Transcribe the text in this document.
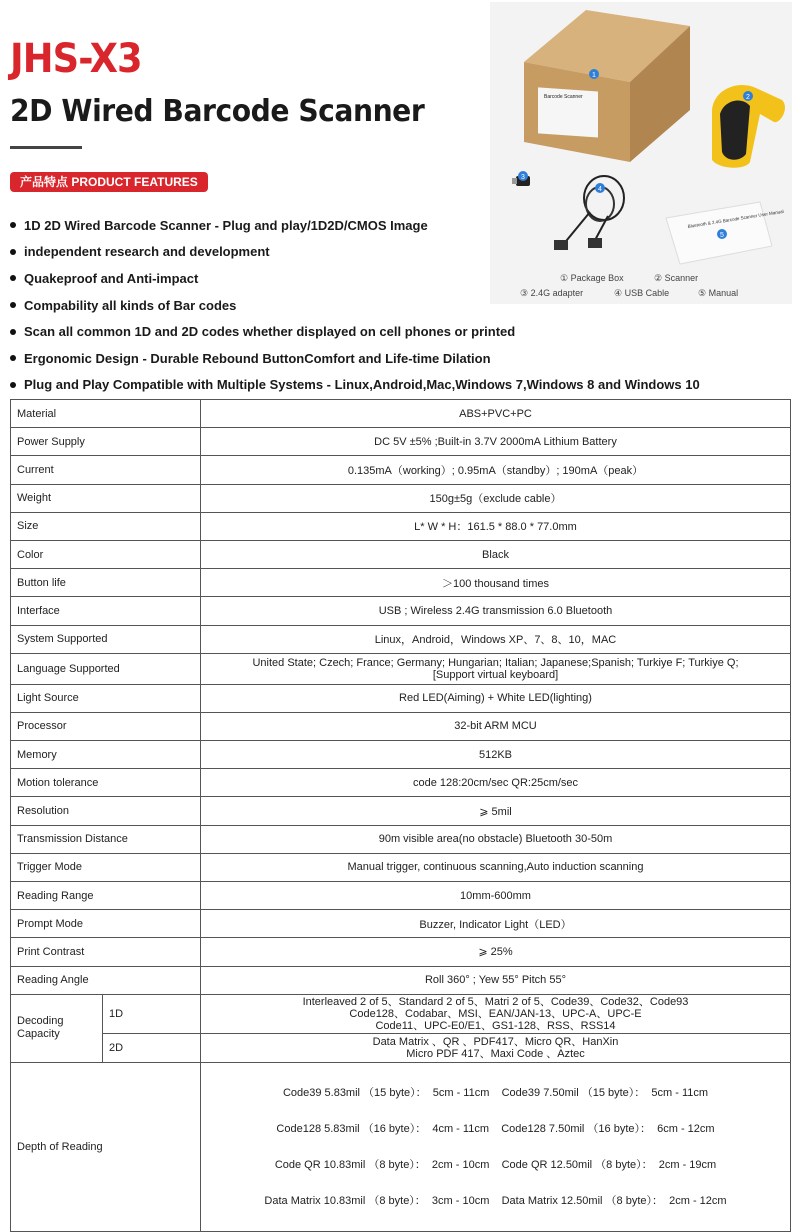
JHS-X3
2D Wired Barcode Scanner
产品特点 PRODUCT FEATURES
1D 2D Wired Barcode Scanner - Plug and play/1D2D/CMOS Image
independent research and development
Quakeproof and Anti-impact
Compability all kinds of Bar codes
Scan all common 1D and 2D codes whether displayed on cell phones or printed
Ergonomic Design - Durable Rebound ButtonComfort and Life-time Dilation
Plug and Play Compatible with Multiple Systems - Linux,Android,Mac,Windows 7,Windows 8 and Windows 10
Barcode Scanner
Bluetooth & 2.4G Barcode Scanner User Manual
1
2
3
4
5
① Package Box	② Scanner
③ 2.4G adapter	④ USB Cable	⑤ Manual
Material		ABS+PVC+PC
Power Supply		DC 5V ±5% ;Built-in 3.7V 2000mA Lithium Battery
Current		0.135mA（working）; 0.95mA（standby）; 190mA（peak）
Weight		150g±5g（exclude cable）
Size		L* W * H：161.5 * 88.0 * 77.0mm
Color		Black
Button life		＞100 thousand times
Interface		USB ; Wireless 2.4G transmission 6.0 Bluetooth
System Supported		Linux，Android，Windows XP、7、8、10，MAC
Language Supported		United State; Czech; France; Germany; Hungarian; Italian; Japanese;Spanish; Turkiye F; Turkiye Q;
[Support virtual keyboard]

Light Source		Red LED(Aiming) + White LED(lighting)
Processor		32-bit ARM MCU
Memory		512KB
Motion tolerance		code 128:20cm/sec QR:25cm/sec
Resolution		⩾ 5mil
Transmission Distance		90m visible area(no obstacle) Bluetooth 30-50m
Trigger Mode		Manual trigger, continuous scanning,Auto induction scanning
Reading Range		10mm-600mm
Prompt Mode		Buzzer, Indicator Light（LED）
Print Contrast		⩾ 25%
Reading Angle		Roll 360° ; Yew 55° Pitch 55°
Decoding Capacity	1D	Interleaved 2 of 5、Standard 2 of 5、Matri 2 of 5、Code39、Code32、Code93
Code128、Codabar、MSI、EAN/JAN-13、UPC-A、UPC-E
Code11、UPC-E0/E1、GS1-128、RSS、RSS14

	2D	Data Matrix 、QR 、PDF417、Micro QR、HanXin
Micro PDF 417、Maxi Code 、Aztec

Depth of Reading		Code39 5.83mil （15 byte）：  5cm - 11cm    Code39 7.50mil （15 byte）：  5cm - 11cm

Code128 5.83mil （16 byte）：  4cm - 11cm    Code128 7.50mil （16 byte）：  6cm - 12cm

Code QR 10.83mil （8 byte）：  2cm - 10cm    Code QR 12.50mil （8 byte）：  2cm - 19cm

Data Matrix 10.83mil （8 byte）：  3cm - 10cm    Data Matrix 12.50mil （8 byte）：  2cm - 12cm
